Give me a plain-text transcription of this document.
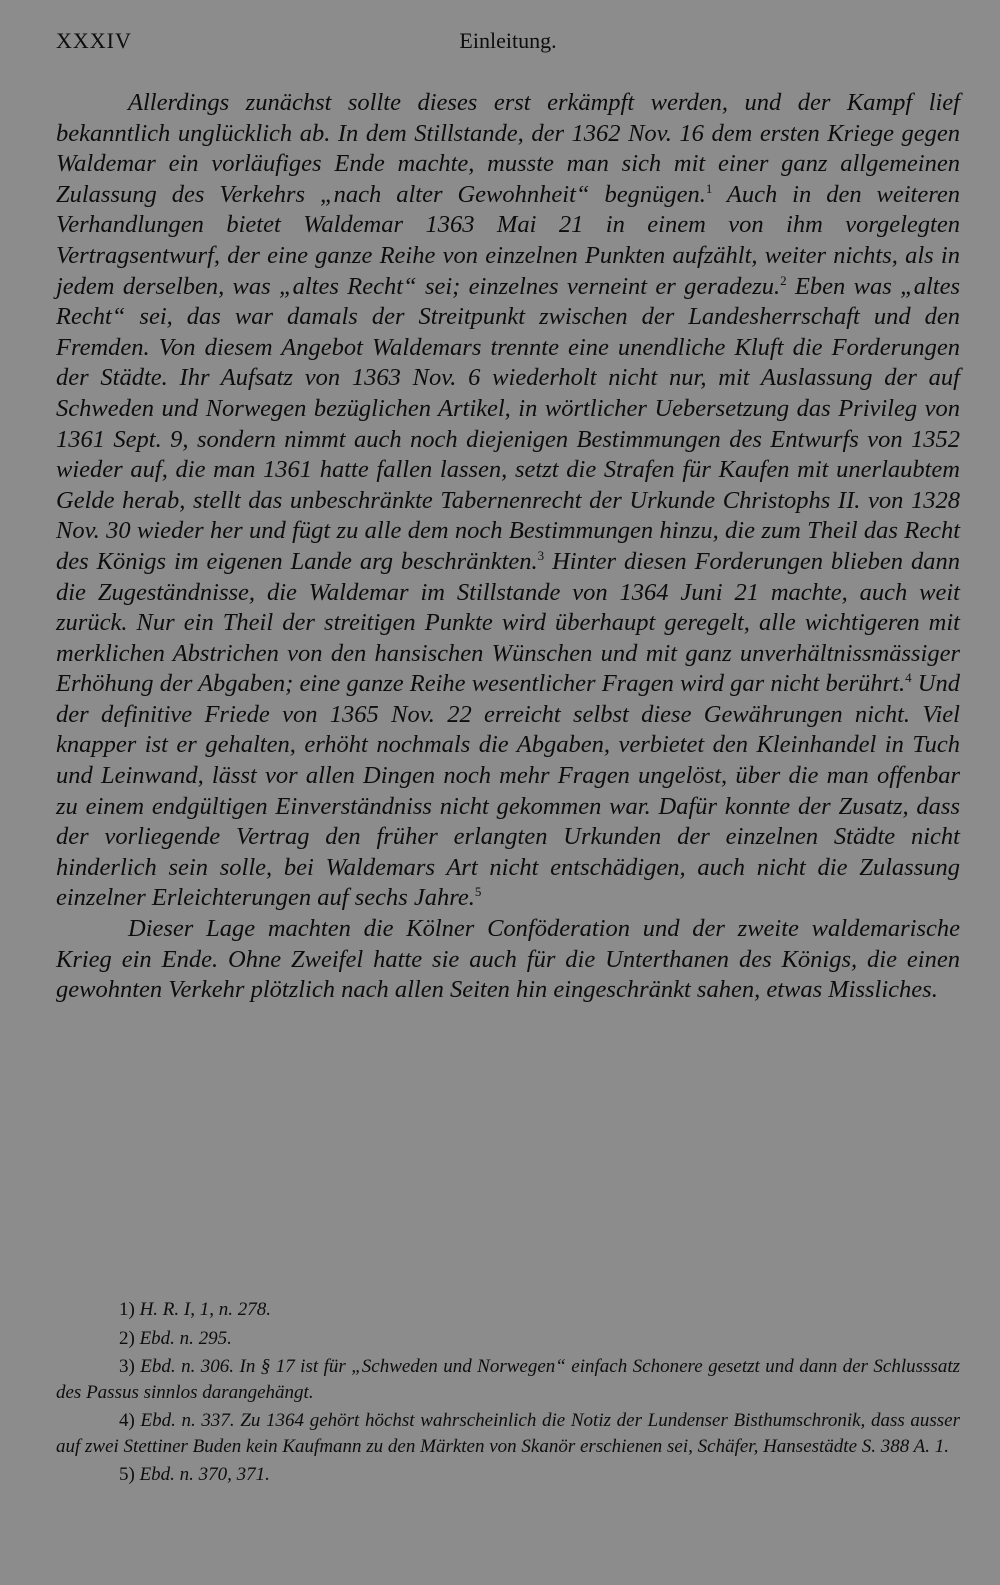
XXXIV	Einleitung.

Allerdings zunächst sollte dieses erst erkämpft werden, und der Kampf lief bekanntlich unglücklich ab. In dem Stillstande, der 1362 Nov. 16 dem ersten Kriege gegen Waldemar ein vorläufiges Ende machte, musste man sich mit einer ganz allgemeinen Zulassung des Verkehrs „nach alter Gewohnheit“ begnügen.$^1$ Auch in den weiteren Verhandlungen bietet Waldemar 1363 Mai 21 in einem von ihm vorgelegten Vertragsentwurf, der eine ganze Reihe von einzelnen Punkten aufzählt, weiter nichts, als in jedem derselben, was „altes Recht“ sei; einzelnes verneint er geradezu.$^2$ Eben was „altes Recht“ sei, das war damals der Streitpunkt zwischen der Landesherrschaft und den Fremden. Von diesem Angebot Waldemars trennte eine unendliche Kluft die Forderungen der Städte. Ihr Aufsatz von 1363 Nov. 6 wiederholt nicht nur, mit Auslassung der auf Schweden und Norwegen bezüglichen Artikel, in wörtlicher Uebersetzung das Privileg von 1361 Sept. 9, sondern nimmt auch noch diejenigen Bestimmungen des Entwurfs von 1352 wieder auf, die man 1361 hatte fallen lassen, setzt die Strafen für Kaufen mit unerlaubtem Gelde herab, stellt das unbeschränkte Tabernenrecht der Urkunde Christophs II. von 1328 Nov. 30 wieder her und fügt zu alle dem noch Bestimmungen hinzu, die zum Theil das Recht des Königs im eigenen Lande arg beschränkten.$^3$ Hinter diesen Forderungen blieben dann die Zugeständnisse, die Waldemar im Stillstande von 1364 Juni 21 machte, auch weit zurück. Nur ein Theil der streitigen Punkte wird überhaupt geregelt, alle wichtigeren mit merklichen Abstrichen von den hansischen Wünschen und mit ganz unverhältnissmässiger Erhöhung der Abgaben; eine ganze Reihe wesentlicher Fragen wird gar nicht berührt.$^4$ Und der definitive Friede von 1365 Nov. 22 erreicht selbst diese Gewährungen nicht. Viel knapper ist er gehalten, erhöht nochmals die Abgaben, verbietet den Kleinhandel in Tuch und Leinwand, lässt vor allen Dingen noch mehr Fragen ungelöst, über die man offenbar zu einem endgültigen Einverständniss nicht gekommen war. Dafür konnte der Zusatz, dass der vorliegende Vertrag den früher erlangten Urkunden der einzelnen Städte nicht hinderlich sein solle, bei Waldemars Art nicht entschädigen, auch nicht die Zulassung einzelner Erleichterungen auf sechs Jahre.$^5$

Dieser Lage machten die Kölner Conföderation und der zweite waldemarische Krieg ein Ende. Ohne Zweifel hatte sie auch für die Unterthanen des Königs, die einen gewohnten Verkehr plötzlich nach allen Seiten hin eingeschränkt sahen, etwas Missliches.

1) H. R. I, 1, n. 278.

2) Ebd. n. 295.

3) Ebd. n. 306. In § 17 ist für „Schweden und Norwegen“ einfach Schonere gesetzt und dann der Schlusssatz des Passus sinnlos darangehängt.

4) Ebd. n. 337. Zu 1364 gehört höchst wahrscheinlich die Notiz der Lundenser Bisthumschronik, dass ausser auf zwei Stettiner Buden kein Kaufmann zu den Märkten von Skanör erschienen sei, Schäfer, Hansestädte S. 388 A. 1.

5) Ebd. n. 370, 371.
